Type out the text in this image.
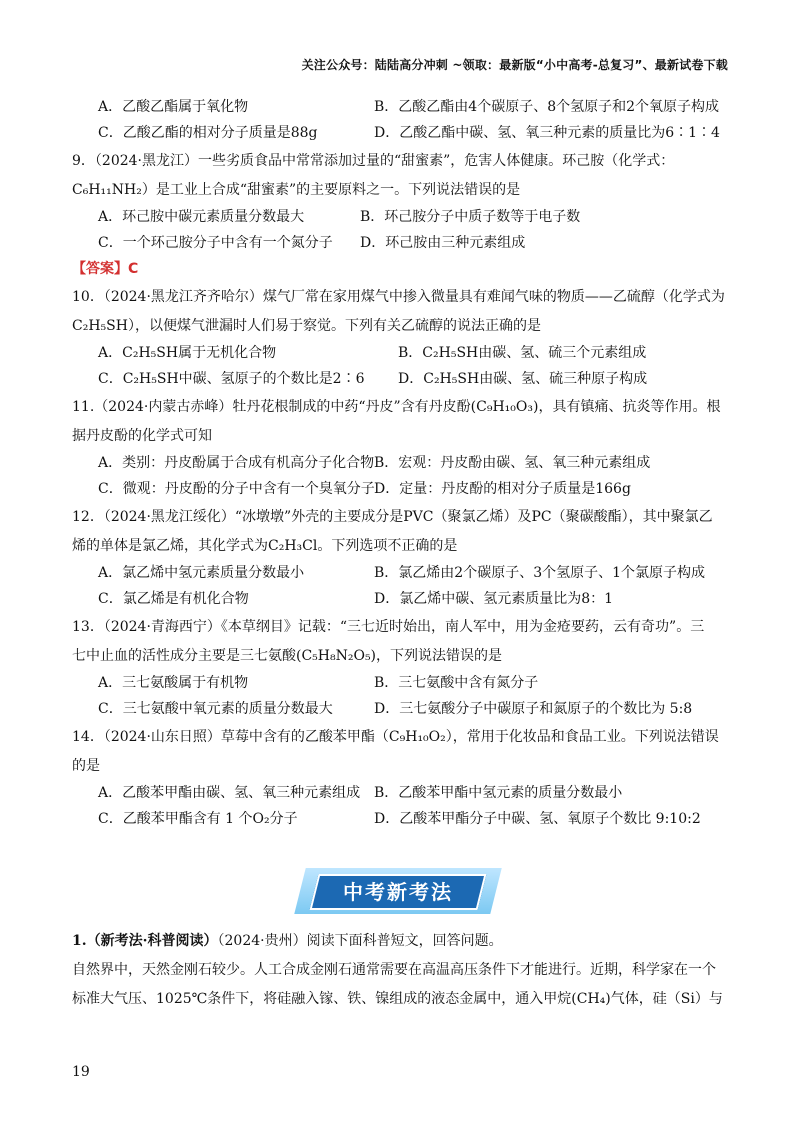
关注公众号：陆陆高分冲刺 ~领取：最新版“小中高考-总复习”、最新试卷下载
A．乙酸乙酯属于氧化物	B．乙酸乙酯由4个碳原子、8个氢原子和2个氧原子构成
C．乙酸乙酯的相对分子质量是88g	D．乙酸乙酯中碳、氢、氧三种元素的质量比为6∶1∶4
9．（2024·黑龙江）一些劣质食品中常常添加过量的“甜蜜素”，危害人体健康。环己胺（化学式：
C₆H₁₁NH₂）是工业上合成“甜蜜素”的主要原料之一。下列说法错误的是
A．环己胺中碳元素质量分数最大	B．环己胺分子中质子数等于电子数
C．一个环己胺分子中含有一个氮分子	D．环己胺由三种元素组成
【答案】C
10．（2024·黑龙江齐齐哈尔）煤气厂常在家用煤气中掺入微量具有难闻气味的物质——乙硫醇（化学式为
C₂H₅SH），以便煤气泄漏时人们易于察觉。下列有关乙硫醇的说法正确的是
A．C₂H₅SH属于无机化合物	B．C₂H₅SH由碳、氢、硫三个元素组成
C．C₂H₅SH中碳、氢原子的个数比是2∶6	D．C₂H₅SH由碳、氢、硫三种原子构成
11.（2024·内蒙古赤峰）牡丹花根制成的中药“丹皮”含有丹皮酚(C₉H₁₀O₃)，具有镇痛、抗炎等作用。根
据丹皮酚的化学式可知
A．类别：丹皮酚属于合成有机高分子化合物 B．宏观：丹皮酚由碳、氢、氧三种元素组成
C．微观：丹皮酚的分子中含有一个臭氧分子 D．定量：丹皮酚的相对分子质量是166g
12．（2024·黑龙江绥化）“冰墩墩”外壳的主要成分是PVC（聚氯乙烯）及PC（聚碳酸酯），其中聚氯乙
烯的单体是氯乙烯，其化学式为C₂H₃Cl。下列选项不正确的是
A．氯乙烯中氢元素质量分数最小	B．氯乙烯由2个碳原子、3个氢原子、1个氯原子构成
C．氯乙烯是有机化合物	D．氯乙烯中碳、氢元素质量比为8：1
13．（2024·青海西宁）《本草纲目》记载：“三七近时始出，南人军中，用为金疮要药，云有奇功”。三
七中止血的活性成分主要是三七氨酸(C₅H₈N₂O₅)，下列说法错误的是
A．三七氨酸属于有机物	B．三七氨酸中含有氮分子
C．三七氨酸中氧元素的质量分数最大	D．三七氨酸分子中碳原子和氮原子的个数比为 5:8
14．（2024·山东日照）草莓中含有的乙酸苯甲酯（C₉H₁₀O₂），常用于化妆品和食品工业。下列说法错误
的是
A．乙酸苯甲酯由碳、氢、氧三种元素组成 B．乙酸苯甲酯中氢元素的质量分数最小
C．乙酸苯甲酯含有 1 个O₂分子	D．乙酸苯甲酯分子中碳、氢、氧原子个数比 9:10:2
中考新考法
1.（新考法·科普阅读）（2024·贵州）阅读下面科普短文，回答问题。
自然界中，天然金刚石较少。人工合成金刚石通常需要在高温高压条件下才能进行。近期，科学家在一个
标准大气压、1025℃条件下，将硅融入镓、铁、镍组成的液态金属中，通入甲烷(CH₄)气体，硅（Si）与
19
